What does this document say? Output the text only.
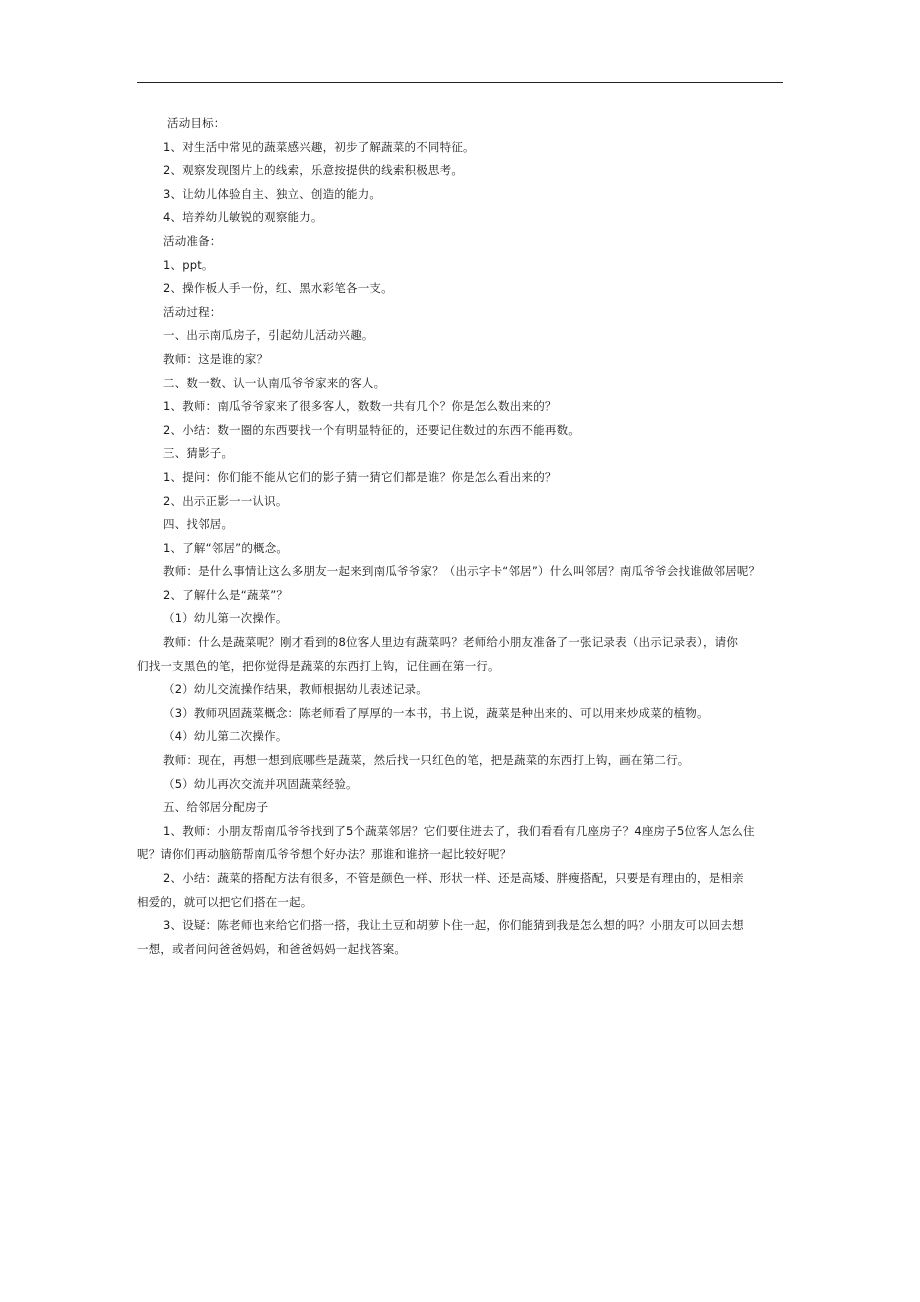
活动目标：
1、对生活中常见的蔬菜感兴趣，初步了解蔬菜的不同特征。
2、观察发现图片上的线索，乐意按提供的线索积极思考。
3、让幼儿体验自主、独立、创造的能力。
4、培养幼儿敏锐的观察能力。
活动准备：
1、ppt。
2、操作板人手一份，红、黑水彩笔各一支。
活动过程：
一、出示南瓜房子，引起幼儿活动兴趣。
教师：这是谁的家？
二、数一数、认一认南瓜爷爷家来的客人。
1、教师：南瓜爷爷家来了很多客人，数数一共有几个？你是怎么数出来的？
2、小结：数一圈的东西要找一个有明显特征的，还要记住数过的东西不能再数。
三、猜影子。
1、提问：你们能不能从它们的影子猜一猜它们都是谁？你是怎么看出来的？
2、出示正影一一认识。
四、找邻居。
1、了解“邻居”的概念。
教师：是什么事情让这么多朋友一起来到南瓜爷爷家？（出示字卡“邻居”）什么叫邻居？南瓜爷爷会找谁做邻居呢？
2、了解什么是“蔬菜”？
（1）幼儿第一次操作。
教师：什么是蔬菜呢？刚才看到的8位客人里边有蔬菜吗？老师给小朋友准备了一张记录表（出示记录表），请你
们找一支黑色的笔，把你觉得是蔬菜的东西打上钩，记住画在第一行。
（2）幼儿交流操作结果，教师根据幼儿表述记录。
（3）教师巩固蔬菜概念：陈老师看了厚厚的一本书，书上说，蔬菜是种出来的、可以用来炒成菜的植物。
（4）幼儿第二次操作。
教师：现在，再想一想到底哪些是蔬菜，然后找一只红色的笔，把是蔬菜的东西打上钩，画在第二行。
（5）幼儿再次交流并巩固蔬菜经验。
五、给邻居分配房子
1、教师：小朋友帮南瓜爷爷找到了5个蔬菜邻居？它们要住进去了，我们看看有几座房子？4座房子5位客人怎么住
呢？请你们再动脑筋帮南瓜爷爷想个好办法？那谁和谁挤一起比较好呢？
2、小结：蔬菜的搭配方法有很多，不管是颜色一样、形状一样、还是高矮、胖瘦搭配，只要是有理由的，是相亲
相爱的，就可以把它们搭在一起。
3、设疑：陈老师也来给它们搭一搭，我让土豆和胡萝卜住一起，你们能猜到我是怎么想的吗？小朋友可以回去想
一想，或者问问爸爸妈妈，和爸爸妈妈一起找答案。
